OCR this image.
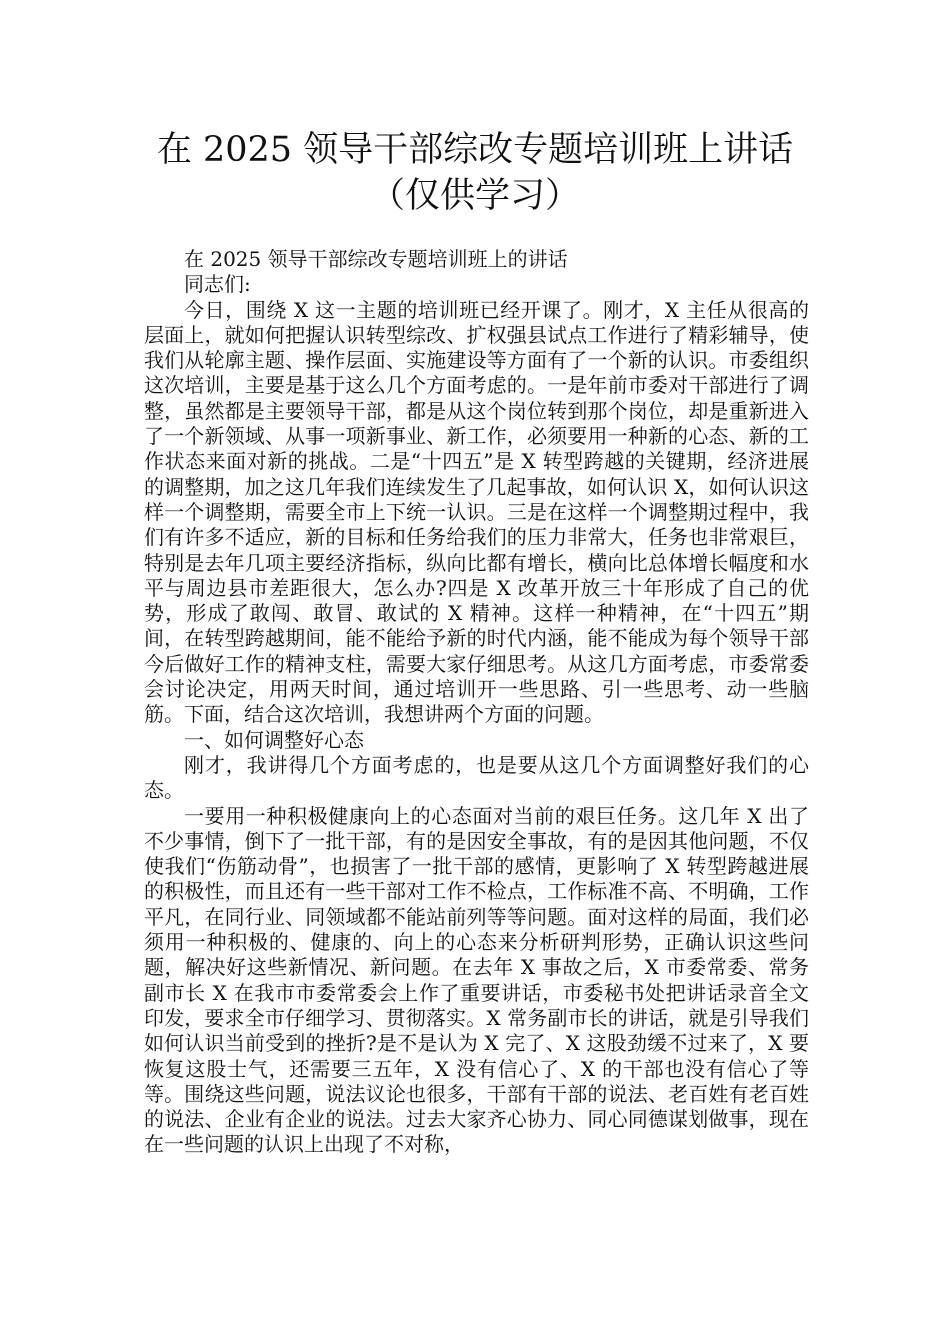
在 2025 领导干部综改专题培训班上讲话
（仅供学习）

在 2025 领导干部综改专题培训班上的讲话

同志们:

今日，围绕 X 这一主题的培训班已经开课了。刚才，X 主任从很高的层面上，就如何把握认识转型综改、扩权强县试点工作进行了精彩辅导，使我们从轮廓主题、操作层面、实施建设等方面有了一个新的认识。市委组织这次培训，主要是基于这么几个方面考虑的。一是年前市委对干部进行了调整，虽然都是主要领导干部，都是从这个岗位转到那个岗位，却是重新进入了一个新领域、从事一项新事业、新工作，必须要用一种新的心态、新的工作状态来面对新的挑战。二是“十四五”是 X 转型跨越的关键期，经济进展的调整期，加之这几年我们连续发生了几起事故，如何认识 X，如何认识这样一个调整期，需要全市上下统一认识。三是在这样一个调整期过程中，我们有许多不适应，新的目标和任务给我们的压力非常大，任务也非常艰巨，特别是去年几项主要经济指标，纵向比都有增长，横向比总体增长幅度和水平与周边县市差距很大，怎么办?四是 X 改革开放三十年形成了自己的优势，形成了敢闯、敢冒、敢试的 X 精神。这样一种精神，在“十四五”期间，在转型跨越期间，能不能给予新的时代内涵，能不能成为每个领导干部今后做好工作的精神支柱，需要大家仔细思考。从这几方面考虑，市委常委会讨论决定，用两天时间，通过培训开一些思路、引一些思考、动一些脑筋。下面，结合这次培训，我想讲两个方面的问题。

一、如何调整好心态

刚才，我讲得几个方面考虑的，也是要从这几个方面调整好我们的心态。

一要用一种积极健康向上的心态面对当前的艰巨任务。这几年 X 出了不少事情，倒下了一批干部，有的是因安全事故，有的是因其他问题，不仅使我们“伤筋动骨”，也损害了一批干部的感情，更影响了 X 转型跨越进展的积极性，而且还有一些干部对工作不检点，工作标准不高、不明确，工作平凡，在同行业、同领域都不能站前列等等问题。面对这样的局面，我们必须用一种积极的、健康的、向上的心态来分析研判形势，正确认识这些问题，解决好这些新情况、新问题。在去年 X 事故之后，X 市委常委、常务副市长 X 在我市市委常委会上作了重要讲话，市委秘书处把讲话录音全文印发，要求全市仔细学习、贯彻落实。X 常务副市长的讲话，就是引导我们如何认识当前受到的挫折?是不是认为 X 完了、X 这股劲缓不过来了，X 要恢复这股士气，还需要三五年，X 没有信心了、X 的干部也没有信心了等等。围绕这些问题，说法议论也很多，干部有干部的说法、老百姓有老百姓的说法、企业有企业的说法。过去大家齐心协力、同心同德谋划做事，现在在一些问题的认识上出现了不对称，
